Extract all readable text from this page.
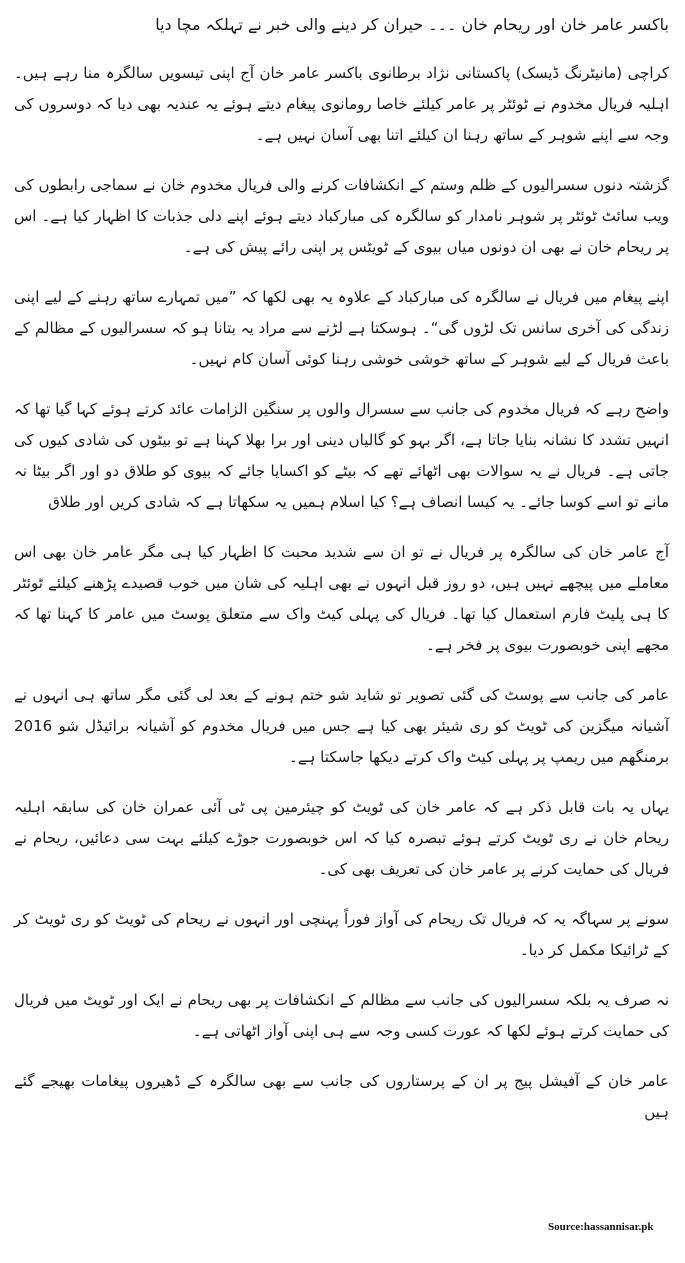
باکسر عامر خان اور ریحام خان ۔۔۔ حیران کر دینے والی خبر نے تہلکہ مچا دیا

کراچی (مانیٹرنگ ڈیسک) پاکستانی نژاد برطانوی باکسر عامر خان آج اپنی تیسویں سالگرہ منا رہے ہیں۔ اہلیہ فریال مخدوم نے ٹوئٹر پر عامر کیلئے خاصا رومانوی پیغام دیتے ہوئے یہ عندیہ بھی دیا کہ دوسروں کی وجہ سے اپنے شوہر کے ساتھ رہنا ان کیلئے اتنا بھی آسان نہیں ہے۔

گزشتہ دنوں سسرالیوں کے ظلم وستم کے انکشافات کرنے والی فریال مخدوم خان نے سماجی رابطوں کی ویب سائٹ ٹوئٹر پر شوہر نامدار کو سالگرہ کی مبارکباد دیتے ہوئے اپنے دلی جذبات کا اظہار کیا ہے۔ اس پر ریحام خان نے بھی ان دونوں میاں بیوی کے ٹویٹس پر اپنی رائے پیش کی ہے۔

اپنے پیغام میں فریال نے سالگرہ کی مبارکباد کے علاوہ یہ بھی لکھا کہ ”میں تمہارے ساتھ رہنے کے لیے اپنی زندگی کی آخری سانس تک لڑوں گی“۔ ہوسکتا ہے لڑنے سے مراد یہ بتانا ہو کہ سسرالیوں کے مظالم کے باعث فریال کے لیے شوہر کے ساتھ خوشی خوشی رہنا کوئی آسان کام نہیں۔

واضح رہے کہ فریال مخدوم کی جانب سے سسرال والوں پر سنگین الزامات عائد کرتے ہوئے کہا گیا تھا کہ انہیں تشدد کا نشانہ بنایا جاتا ہے، اگر بہو کو گالیاں دینی اور برا بھلا کہنا ہے تو بیٹوں کی شادی کیوں کی جاتی ہے۔ فریال نے یہ سوالات بھی اٹھائے تھے کہ بیٹے کو اکسایا جائے کہ بیوی کو طلاق دو اور اگر بیٹا نہ مانے تو اسے کوسا جائے۔ یہ کیسا انصاف ہے؟ کیا اسلام ہمیں یہ سکھاتا ہے کہ شادی کریں اور طلاق

آج عامر خان کی سالگرہ پر فریال نے تو ان سے شدید محبت کا اظہار کیا ہی مگر عامر خان بھی اس معاملے میں پیچھے نہیں ہیں، دو روز قبل انہوں نے بھی اہلیہ کی شان میں خوب قصیدے پڑھنے کیلئے ٹوئٹر کا ہی پلیٹ فارم استعمال کیا تھا۔ فریال کی پہلی کیٹ واک سے متعلق پوسٹ میں عامر کا کہنا تھا کہ مجھے اپنی خوبصورت بیوی پر فخر ہے۔

عامر کی جانب سے پوسٹ کی گئی تصویر تو شاید شو ختم ہونے کے بعد لی گئی مگر ساتھ ہی انہوں نے آشیانہ میگزین کی ٹویٹ کو ری شیئر بھی کیا ہے جس میں فریال مخدوم کو آشیانہ برائیڈل شو 2016 برمنگھم میں ریمپ پر پہلی کیٹ واک کرتے دیکھا جاسکتا ہے۔

یہاں یہ بات قابل ذکر ہے کہ عامر خان کی ٹویٹ کو چیئرمین پی ٹی آئی عمران خان کی سابقہ اہلیہ ریحام خان نے ری ٹویٹ کرتے ہوئے تبصرہ کیا کہ اس خوبصورت جوڑے کیلئے بہت سی دعائیں، ریحام نے فریال کی حمایت کرنے پر عامر خان کی تعریف بھی کی۔

سونے پر سہاگہ یہ کہ فریال تک ریحام کی آواز فوراً پہنچی اور انہوں نے ریحام کی ٹویٹ کو ری ٹویٹ کر کے ٹرائیکا مکمل کر دیا۔

نہ صرف یہ بلکہ سسرالیوں کی جانب سے مظالم کے انکشافات پر بھی ریحام نے ایک اور ٹویٹ میں فریال کی حمایت کرتے ہوئے لکھا کہ عورت کسی وجہ سے ہی اپنی آواز اٹھاتی ہے۔

عامر خان کے آفیشل پیج پر ان کے پرستاروں کی جانب سے بھی سالگرہ کے ڈھیروں پیغامات بھیجے گئے ہیں

Source:hassannisar.pk
